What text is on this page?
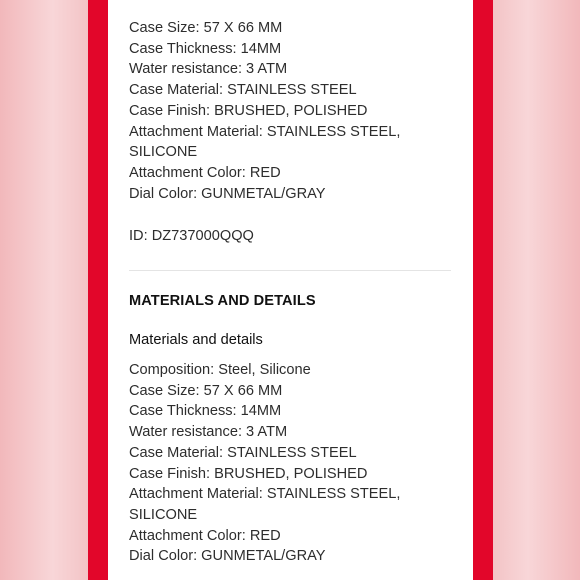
Case Size: 57 X 66 MM
Case Thickness: 14MM
Water resistance: 3 ATM
Case Material: STAINLESS STEEL
Case Finish: BRUSHED, POLISHED
Attachment Material: STAINLESS STEEL,
SILICONE
Attachment Color: RED
Dial Color: GUNMETAL/GRAY
ID: DZ737000QQQ
MATERIALS AND DETAILS
Materials and details
Composition: Steel, Silicone
Case Size: 57 X 66 MM
Case Thickness: 14MM
Water resistance: 3 ATM
Case Material: STAINLESS STEEL
Case Finish: BRUSHED, POLISHED
Attachment Material: STAINLESS STEEL,
SILICONE
Attachment Color: RED
Dial Color: GUNMETAL/GRAY
